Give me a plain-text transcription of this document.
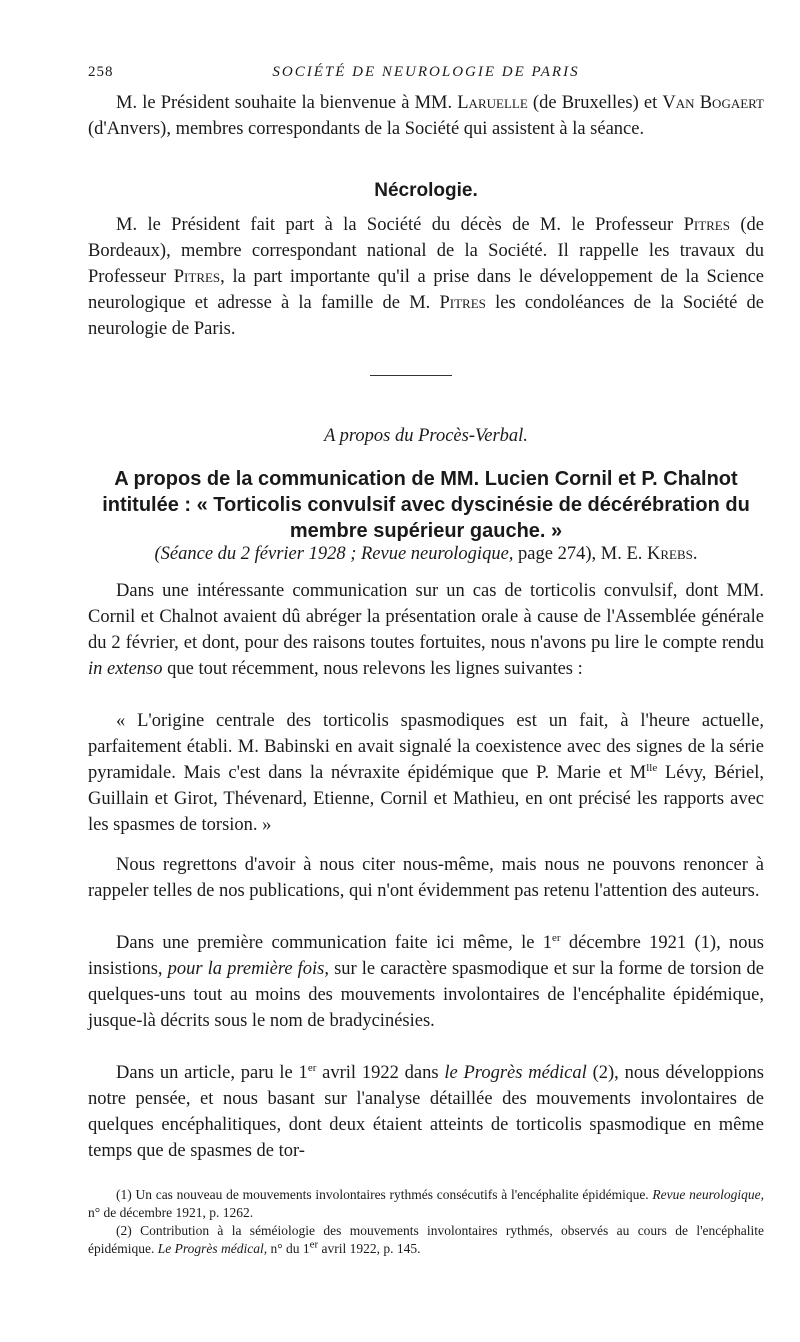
258	SOCIÉTÉ DE NEUROLOGIE DE PARIS

M. le Président souhaite la bienvenue à MM. Laruelle (de Bruxelles) et Van Bogaert (d'Anvers), membres correspondants de la Société qui assistent à la séance.

Nécrologie.

M. le Président fait part à la Société du décès de M. le Professeur Pitres (de Bordeaux), membre correspondant national de la Société. Il rappelle les travaux du Professeur Pitres, la part importante qu'il a prise dans le développement de la Science neurologique et adresse à la famille de M. Pitres les condoléances de la Société de neurologie de Paris.

A propos du Procès-Verbal.
A propos de la communication de MM. Lucien Cornil et P. Chalnot intitulée : « Torticolis convulsif avec dyscinésie de décérébration du membre supérieur gauche. »
(Séance du 2 février 1928 ; Revue neurologique, page 274), M. E. Krebs.

Dans une intéressante communication sur un cas de torticolis convulsif, dont MM. Cornil et Chalnot avaient dû abréger la présentation orale à cause de l'Assemblée générale du 2 février, et dont, pour des raisons toutes fortuites, nous n'avons pu lire le compte rendu in extenso que tout récemment, nous relevons les lignes suivantes :

« L'origine centrale des torticolis spasmodiques est un fait, à l'heure actuelle, parfaitement établi. M. Babinski en avait signalé la coexistence avec des signes de la série pyramidale. Mais c'est dans la névraxite épidémique que P. Marie et $M^{lle}$ Lévy, Bériel, Guillain et Girot, Thévenard, Etienne, Cornil et Mathieu, en ont précisé les rapports avec les spasmes de torsion. »

Nous regrettons d'avoir à nous citer nous-même, mais nous ne pouvons renoncer à rappeler telles de nos publications, qui n'ont évidemment pas retenu l'attention des auteurs.

Dans une première communication faite ici même, le 1er décembre 1921 (1), nous insistions, pour la première fois, sur le caractère spasmodique et sur la forme de torsion de quelques-uns tout au moins des mouvements involontaires de l'encéphalite épidémique, jusque-là décrits sous le nom de bradycinésies.

Dans un article, paru le 1er avril 1922 dans le Progrès médical (2), nous développions notre pensée, et nous basant sur l'analyse détaillée des mouvements involontaires de quelques encéphalitiques, dont deux étaient atteints de torticolis spasmodique en même temps que de spasmes de tor-

(1) Un cas nouveau de mouvements involontaires rythmés consécutifs à l'encéphalite épidémique. Revue neurologique, n° de décembre 1921, p. 1262.

(2) Contribution à la séméiologie des mouvements involontaires rythmés, observés au cours de l'encéphalite épidémique. Le Progrès médical, n° du 1er avril 1922, p. 145.
